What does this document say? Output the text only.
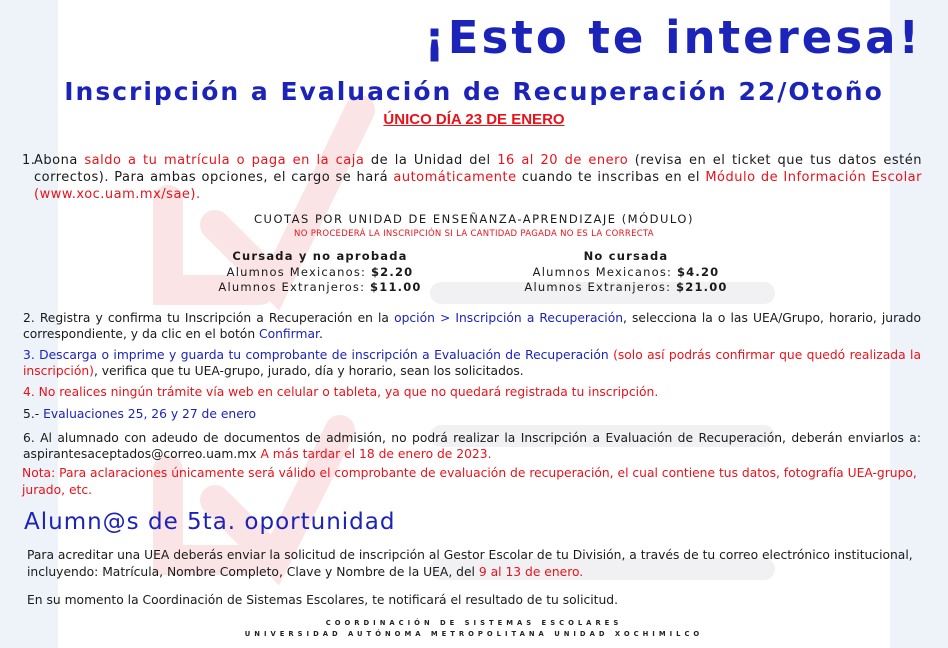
¡Esto te interesa!
Inscripción a Evaluación de Recuperación 22/Otoño
ÚNICO DÍA 23 DE ENERO
1.
Abona saldo a tu matrícula o paga en la caja de la Unidad del 16 al 20 de enero (revisa en el ticket que tus datos estén correctos). Para ambas opciones, el cargo se hará automáticamente cuando te inscribas en el Módulo de Información Escolar (www.xoc.uam.mx/sae).
CUOTAS POR UNIDAD DE ENSEÑANZA-APRENDIZAJE (MÓDULO)
NO PROCEDERÁ LA INSCRIPCIÓN SI LA CANTIDAD PAGADA NO ES LA CORRECTA
Cursada y no aprobada
Alumnos Mexicanos: $2.20
Alumnos Extranjeros: $11.00
No cursada
Alumnos Mexicanos: $4.20
Alumnos Extranjeros: $21.00
2. Registra y confirma tu Inscripción a Recuperación en la opción > Inscripción a Recuperación, selecciona la o las UEA/Grupo, horario, jurado correspondiente, y da clic en el botón Confirmar.
3. Descarga o imprime y guarda tu comprobante de inscripción a Evaluación de Recuperación (solo así podrás confirmar que quedó realizada la inscripción), verifica que tu UEA-grupo, jurado, día y horario, sean los solicitados.
4. No realices ningún trámite vía web en celular o tableta, ya que no quedará registrada tu inscripción.
5.- Evaluaciones 25, 26 y 27 de enero
6. Al alumnado con adeudo de documentos de admisión, no podrá realizar la Inscripción a Evaluación de Recuperación, deberán enviarlos a: aspirantesaceptados@correo.uam.mx A más tardar el 18 de enero de 2023.
Nota: Para aclaraciones únicamente será válido el comprobante de evaluación de recuperación, el cual contiene tus datos, fotografía UEA-grupo, jurado, etc.
Alumn@s de 5ta. oportunidad
Para acreditar una UEA deberás enviar la solicitud de inscripción al Gestor Escolar de tu División, a través de tu correo electrónico institucional, incluyendo: Matrícula, Nombre Completo, Clave y Nombre de la UEA, del 9 al 13 de enero.
En su momento la Coordinación de Sistemas Escolares, te notificará el resultado de tu solicitud.
COORDINACIÓN DE SISTEMAS ESCOLARES
UNIVERSIDAD AUTÓNOMA METROPOLITANA UNIDAD XOCHIMILCO
